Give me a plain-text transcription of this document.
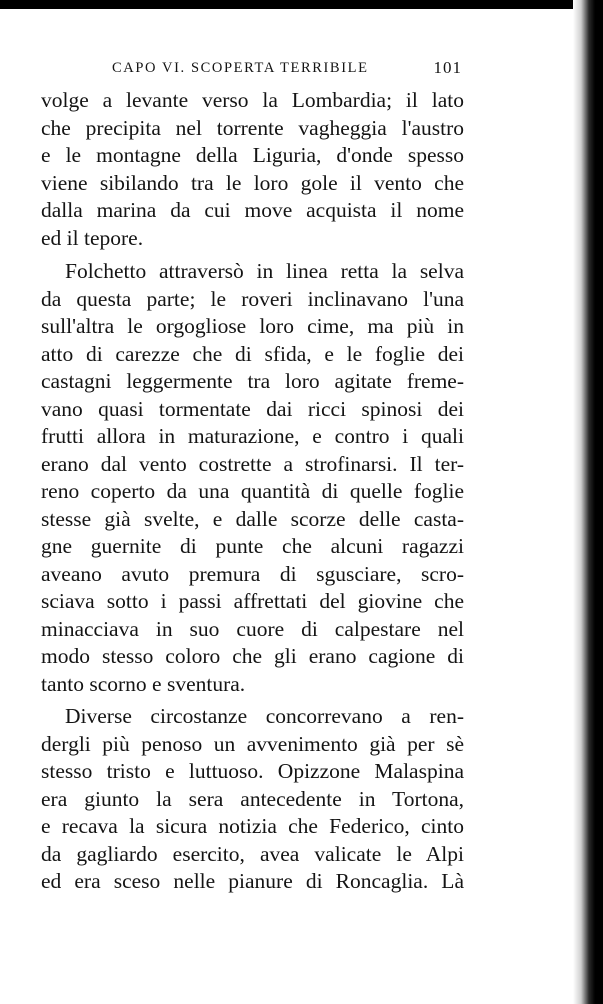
CAPO VI. SCOPERTA TERRIBILE	101
volge a levante verso la Lombardia; il lato
che precipita nel torrente vagheggia l'austro
e le montagne della Liguria, d'onde spesso
viene sibilando tra le loro gole il vento che
dalla marina da cui move acquista il nome
ed il tepore.
Folchetto attraversò in linea retta la selva
da questa parte; le roveri inclinavano l'una
sull'altra le orgogliose loro cime, ma più in
atto di carezze che di sfida, e le foglie dei
castagni leggermente tra loro agitate freme-
vano quasi tormentate dai ricci spinosi dei
frutti allora in maturazione, e contro i quali
erano dal vento costrette a strofinarsi. Il ter-
reno coperto da una quantità di quelle foglie
stesse già svelte, e dalle scorze delle casta-
gne guernite di punte che alcuni ragazzi
aveano avuto premura di sgusciare, scro-
sciava sotto i passi affrettati del giovine che
minacciava in suo cuore di calpestare nel
modo stesso coloro che gli erano cagione di
tanto scorno e sventura.
Diverse circostanze concorrevano a ren-
dergli più penoso un avvenimento già per sè
stesso tristo e luttuoso. Opizzone Malaspina
era giunto la sera antecedente in Tortona,
e recava la sicura notizia che Federico, cinto
da gagliardo esercito, avea valicate le Alpi
ed era sceso nelle pianure di Roncaglia. Là
